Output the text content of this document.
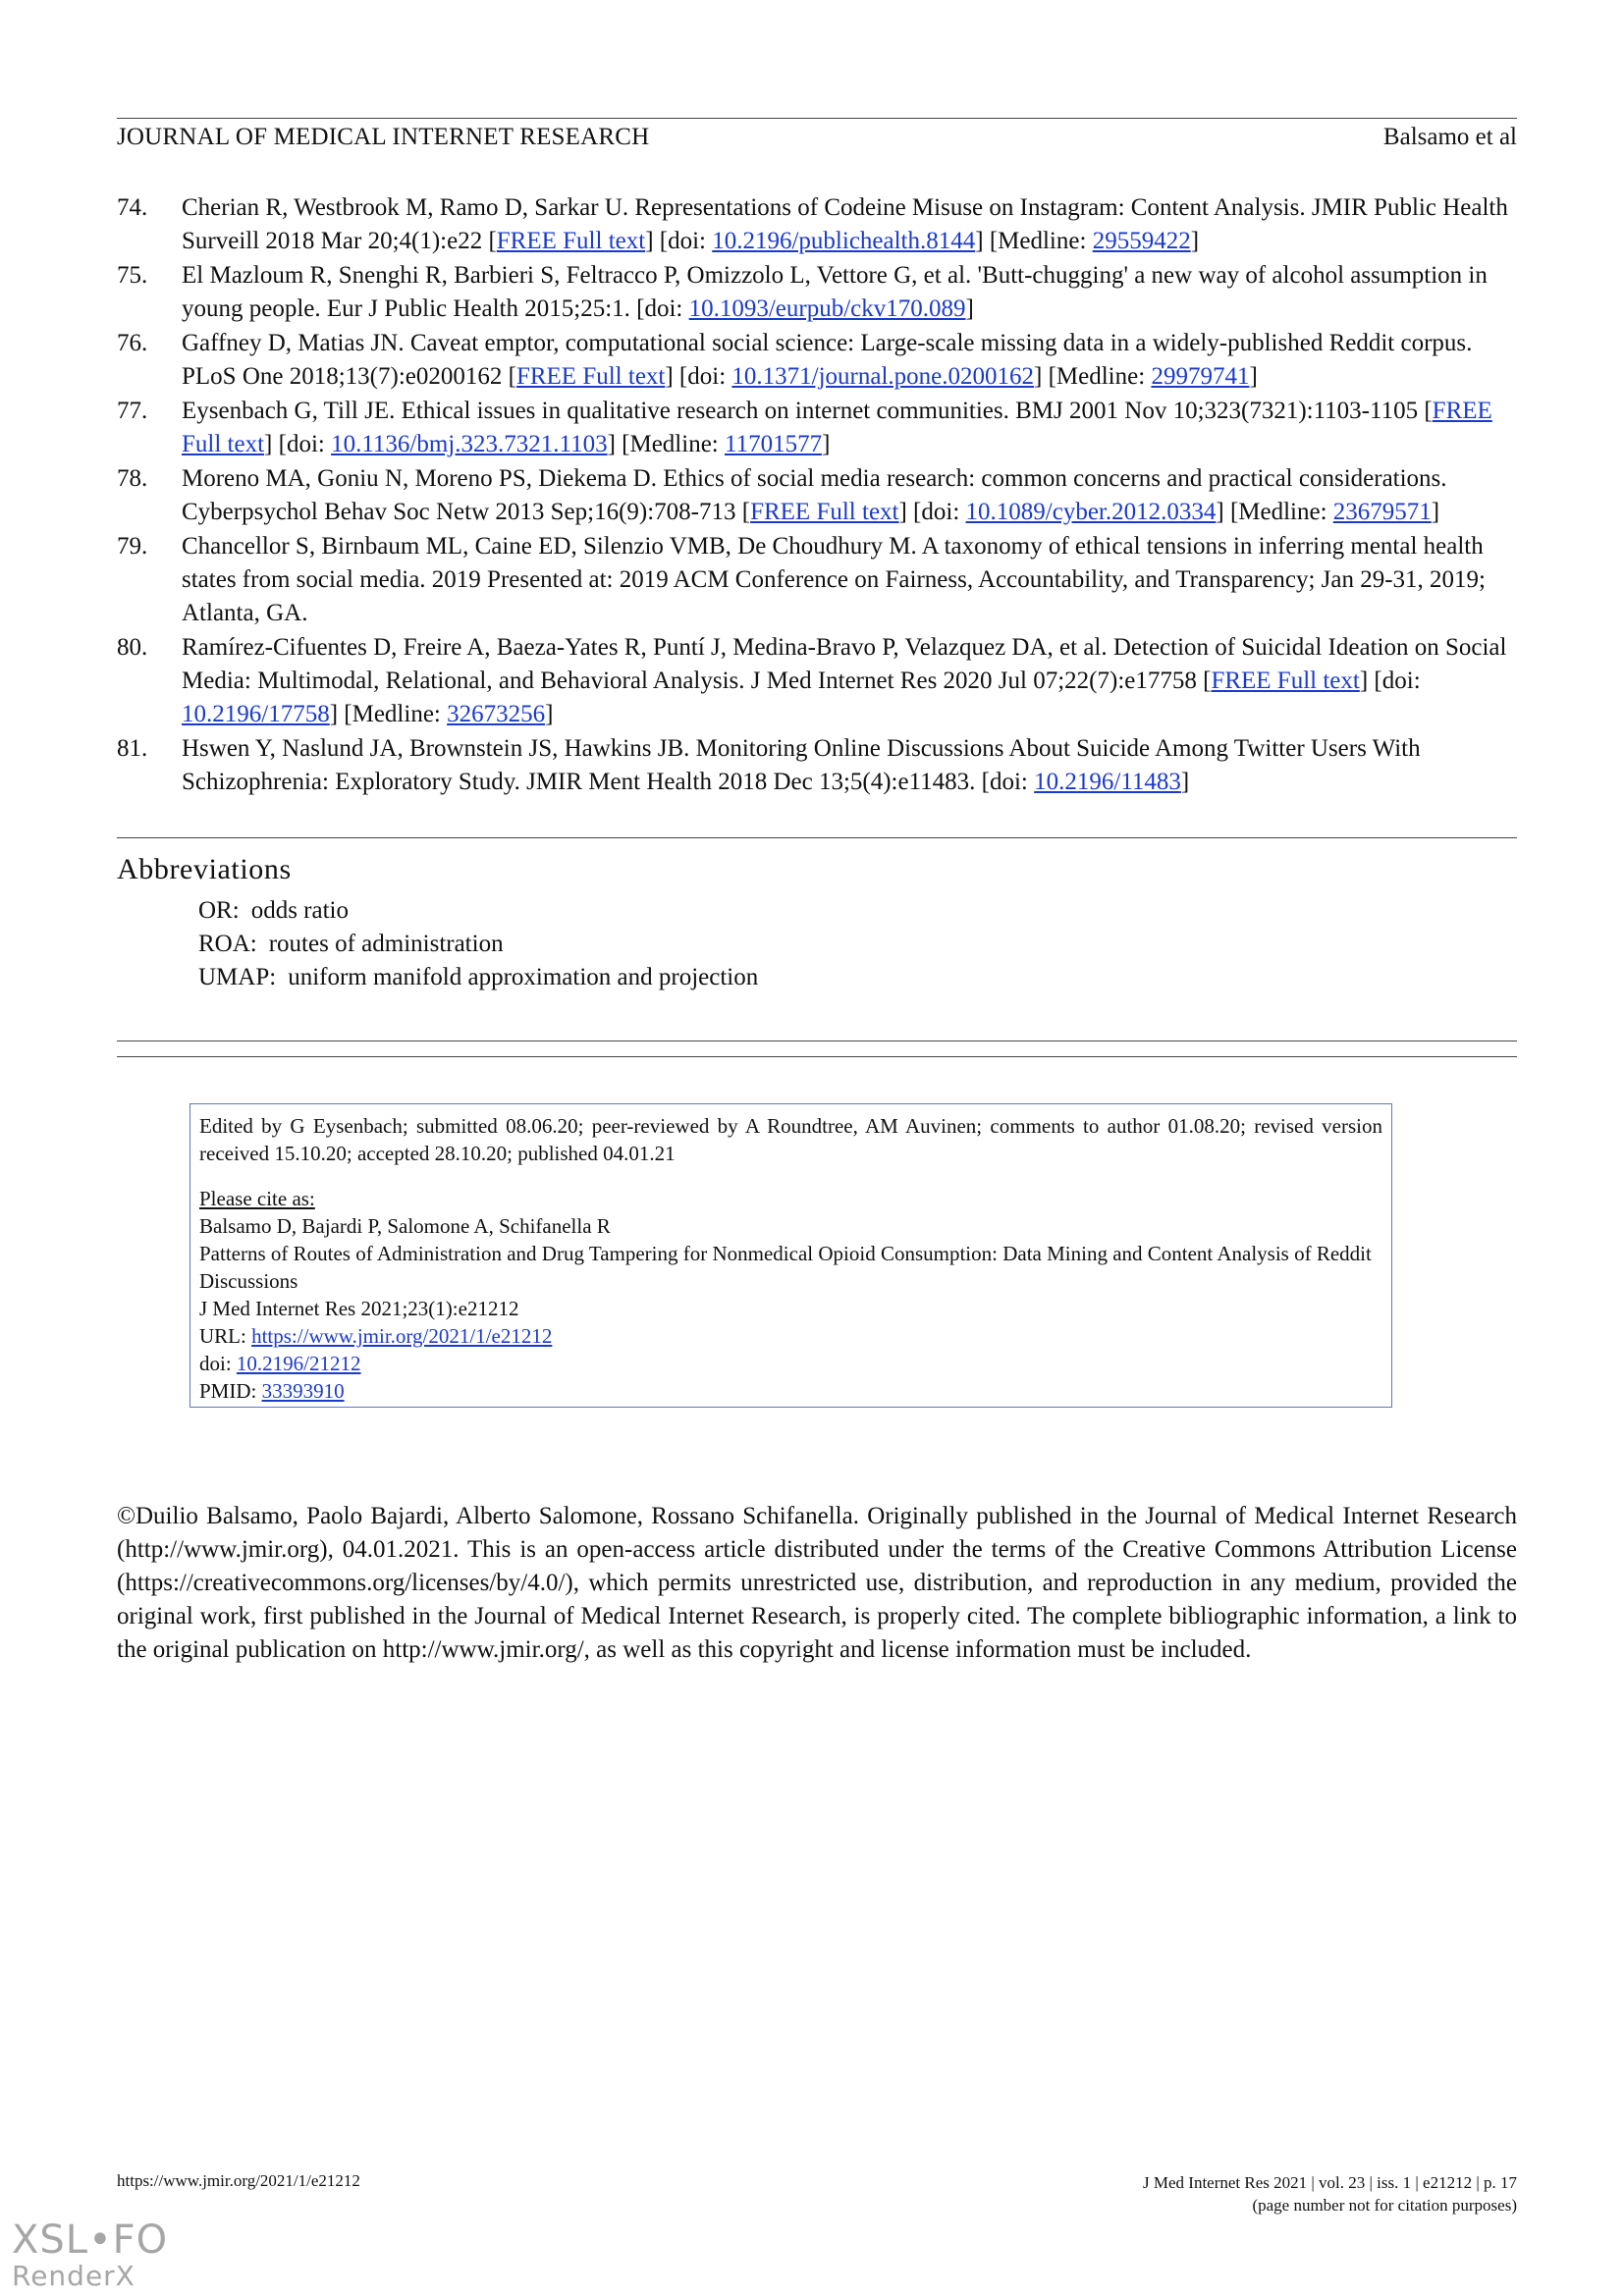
JOURNAL OF MEDICAL INTERNET RESEARCH	Balsamo et al
74. Cherian R, Westbrook M, Ramo D, Sarkar U. Representations of Codeine Misuse on Instagram: Content Analysis. JMIR Public Health Surveill 2018 Mar 20;4(1):e22 [FREE Full text] [doi: 10.2196/publichealth.8144] [Medline: 29559422]
75. El Mazloum R, Snenghi R, Barbieri S, Feltracco P, Omizzolo L, Vettore G, et al. 'Butt-chugging' a new way of alcohol assumption in young people. Eur J Public Health 2015;25:1. [doi: 10.1093/eurpub/ckv170.089]
76. Gaffney D, Matias JN. Caveat emptor, computational social science: Large-scale missing data in a widely-published Reddit corpus. PLoS One 2018;13(7):e0200162 [FREE Full text] [doi: 10.1371/journal.pone.0200162] [Medline: 29979741]
77. Eysenbach G, Till JE. Ethical issues in qualitative research on internet communities. BMJ 2001 Nov 10;323(7321):1103-1105 [FREE Full text] [doi: 10.1136/bmj.323.7321.1103] [Medline: 11701577]
78. Moreno MA, Goniu N, Moreno PS, Diekema D. Ethics of social media research: common concerns and practical considerations. Cyberpsychol Behav Soc Netw 2013 Sep;16(9):708-713 [FREE Full text] [doi: 10.1089/cyber.2012.0334] [Medline: 23679571]
79. Chancellor S, Birnbaum ML, Caine ED, Silenzio VMB, De Choudhury M. A taxonomy of ethical tensions in inferring mental health states from social media. 2019 Presented at: 2019 ACM Conference on Fairness, Accountability, and Transparency; Jan 29-31, 2019; Atlanta, GA.
80. Ramírez-Cifuentes D, Freire A, Baeza-Yates R, Puntí J, Medina-Bravo P, Velazquez DA, et al. Detection of Suicidal Ideation on Social Media: Multimodal, Relational, and Behavioral Analysis. J Med Internet Res 2020 Jul 07;22(7):e17758 [FREE Full text] [doi: 10.2196/17758] [Medline: 32673256]
81. Hswen Y, Naslund JA, Brownstein JS, Hawkins JB. Monitoring Online Discussions About Suicide Among Twitter Users With Schizophrenia: Exploratory Study. JMIR Ment Health 2018 Dec 13;5(4):e11483. [doi: 10.2196/11483]
Abbreviations
OR: odds ratio
ROA: routes of administration
UMAP: uniform manifold approximation and projection
Edited by G Eysenbach; submitted 08.06.20; peer-reviewed by A Roundtree, AM Auvinen; comments to author 01.08.20; revised version received 15.10.20; accepted 28.10.20; published 04.01.21
Please cite as:
Balsamo D, Bajardi P, Salomone A, Schifanella R
Patterns of Routes of Administration and Drug Tampering for Nonmedical Opioid Consumption: Data Mining and Content Analysis of Reddit Discussions
J Med Internet Res 2021;23(1):e21212
URL: https://www.jmir.org/2021/1/e21212
doi: 10.2196/21212
PMID: 33393910
©Duilio Balsamo, Paolo Bajardi, Alberto Salomone, Rossano Schifanella. Originally published in the Journal of Medical Internet Research (http://www.jmir.org), 04.01.2021. This is an open-access article distributed under the terms of the Creative Commons Attribution License (https://creativecommons.org/licenses/by/4.0/), which permits unrestricted use, distribution, and reproduction in any medium, provided the original work, first published in the Journal of Medical Internet Research, is properly cited. The complete bibliographic information, a link to the original publication on http://www.jmir.org/, as well as this copyright and license information must be included.
https://www.jmir.org/2021/1/e21212	J Med Internet Res 2021 | vol. 23 | iss. 1 | e21212 | p. 17
(page number not for citation purposes)
XSL•FO
RenderX
